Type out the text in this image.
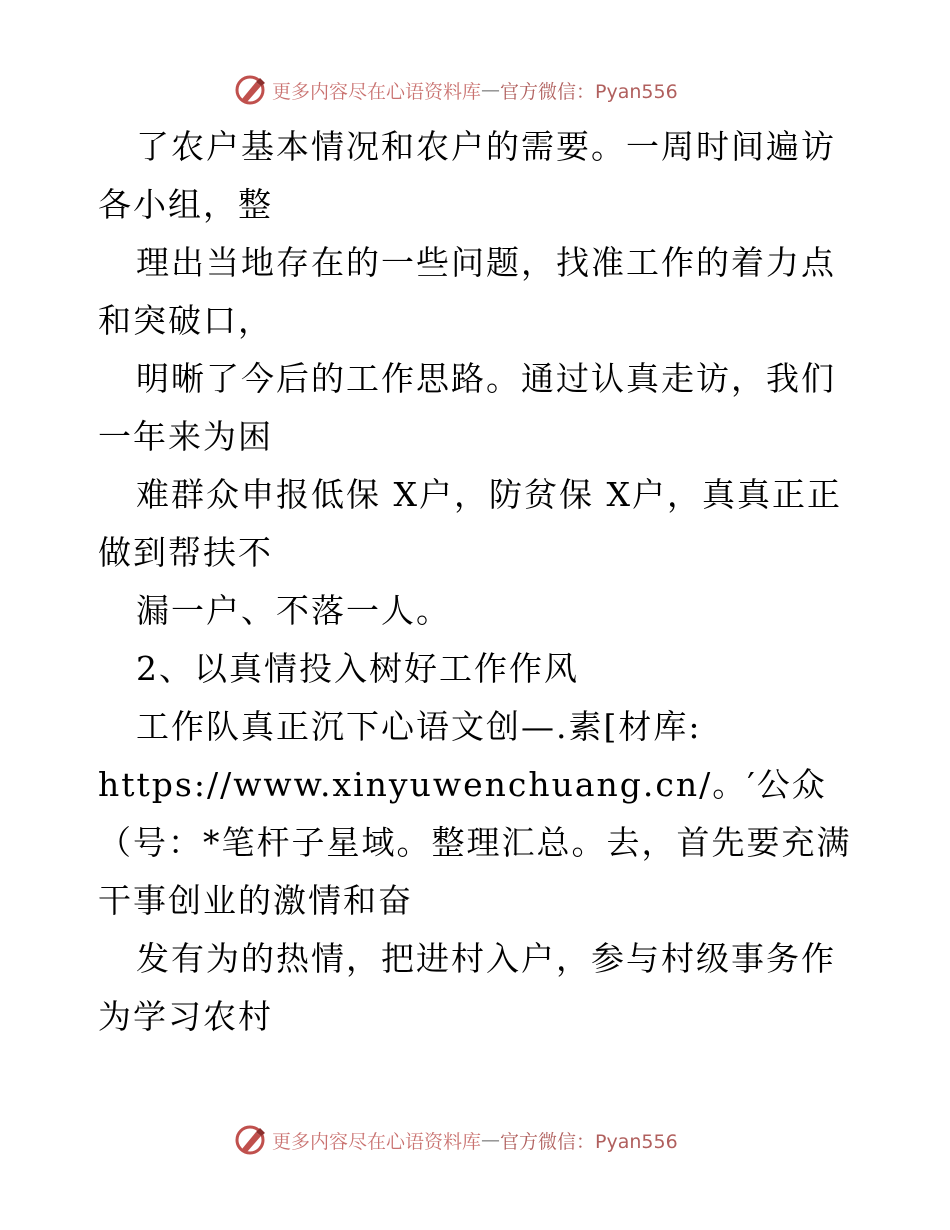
更多内容尽在心语资料库 — 官方微信：Pyan556

了农户基本情况和农户的需要。一周时间遍访各小组，整

理出当地存在的一些问题，找准工作的着力点和突破口，

明晰了今后的工作思路。通过认真走访，我们一年来为困

难群众申报低保 X户，防贫保 X户，真真正正做到帮扶不

漏一户、不落一人。

2、以真情投入树好工作作风

工作队真正沉下心语文创—.素[材库:

https://www.xinyuwenchuang.cn/。′公众（号：*笔杆子星域。整理汇总。去，首先要充满干事创业的激情和奋

发有为的热情，把进村入户，参与村级事务作为学习农村

更多内容尽在心语资料库 — 官方微信：Pyan556
